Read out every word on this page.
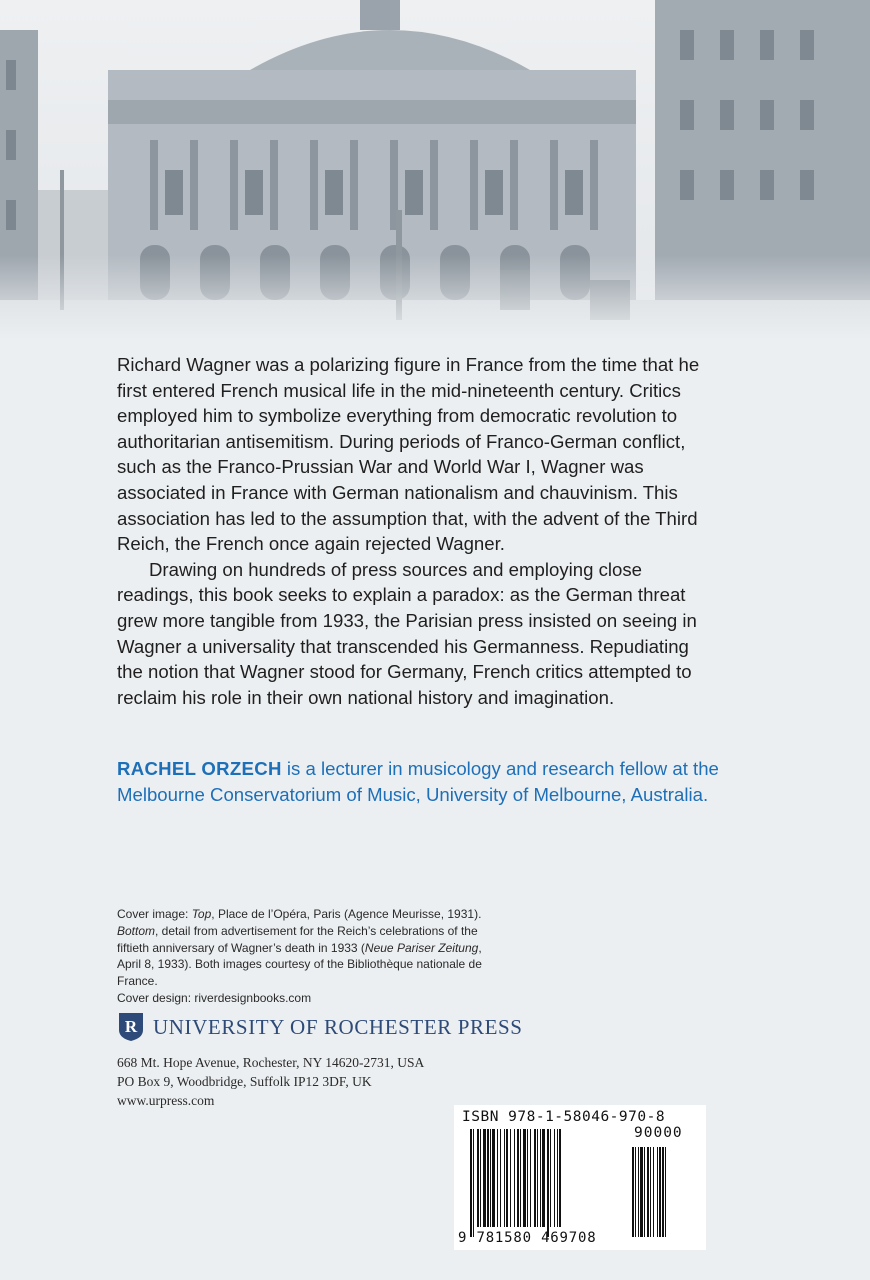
Richard Wagner was a polarizing figure in France from the time that he first entered French musical life in the mid-nineteenth century. Critics employed him to symbolize everything from democratic revolution to authoritarian antisemitism. During periods of Franco-German conflict, such as the Franco-Prussian War and World War I, Wagner was associated in France with German nationalism and chauvinism. This association has led to the assumption that, with the advent of the Third Reich, the French once again rejected Wagner.

Drawing on hundreds of press sources and employing close readings, this book seeks to explain a paradox: as the German threat grew more tangible from 1933, the Parisian press insisted on seeing in Wagner a universality that transcended his Germanness. Repudiating the notion that Wagner stood for Germany, French critics attempted to reclaim his role in their own national history and imagination.

RACHEL ORZECH is a lecturer in musicology and research fellow at the Melbourne Conservatorium of Music, University of Melbourne, Australia.

Cover image: Top, Place de l’Opéra, Paris (Agence Meurisse, 1931). Bottom, detail from advertisement for the Reich’s celebrations of the fiftieth anniversary of Wagner’s death in 1933 (Neue Pariser Zeitung, April 8, 1933). Both images courtesy of the Bibliothèque nationale de France.
Cover design: riverdesignbooks.com
R UNIVERSITY OF ROCHESTER PRESS
668 Mt. Hope Avenue, Rochester, NY 14620-2731, USA
PO Box 9, Woodbridge, Suffolk IP12 3DF, UK
www.urpress.com
ISBN 978-1-58046-970-8
90000
9 781580 469708
